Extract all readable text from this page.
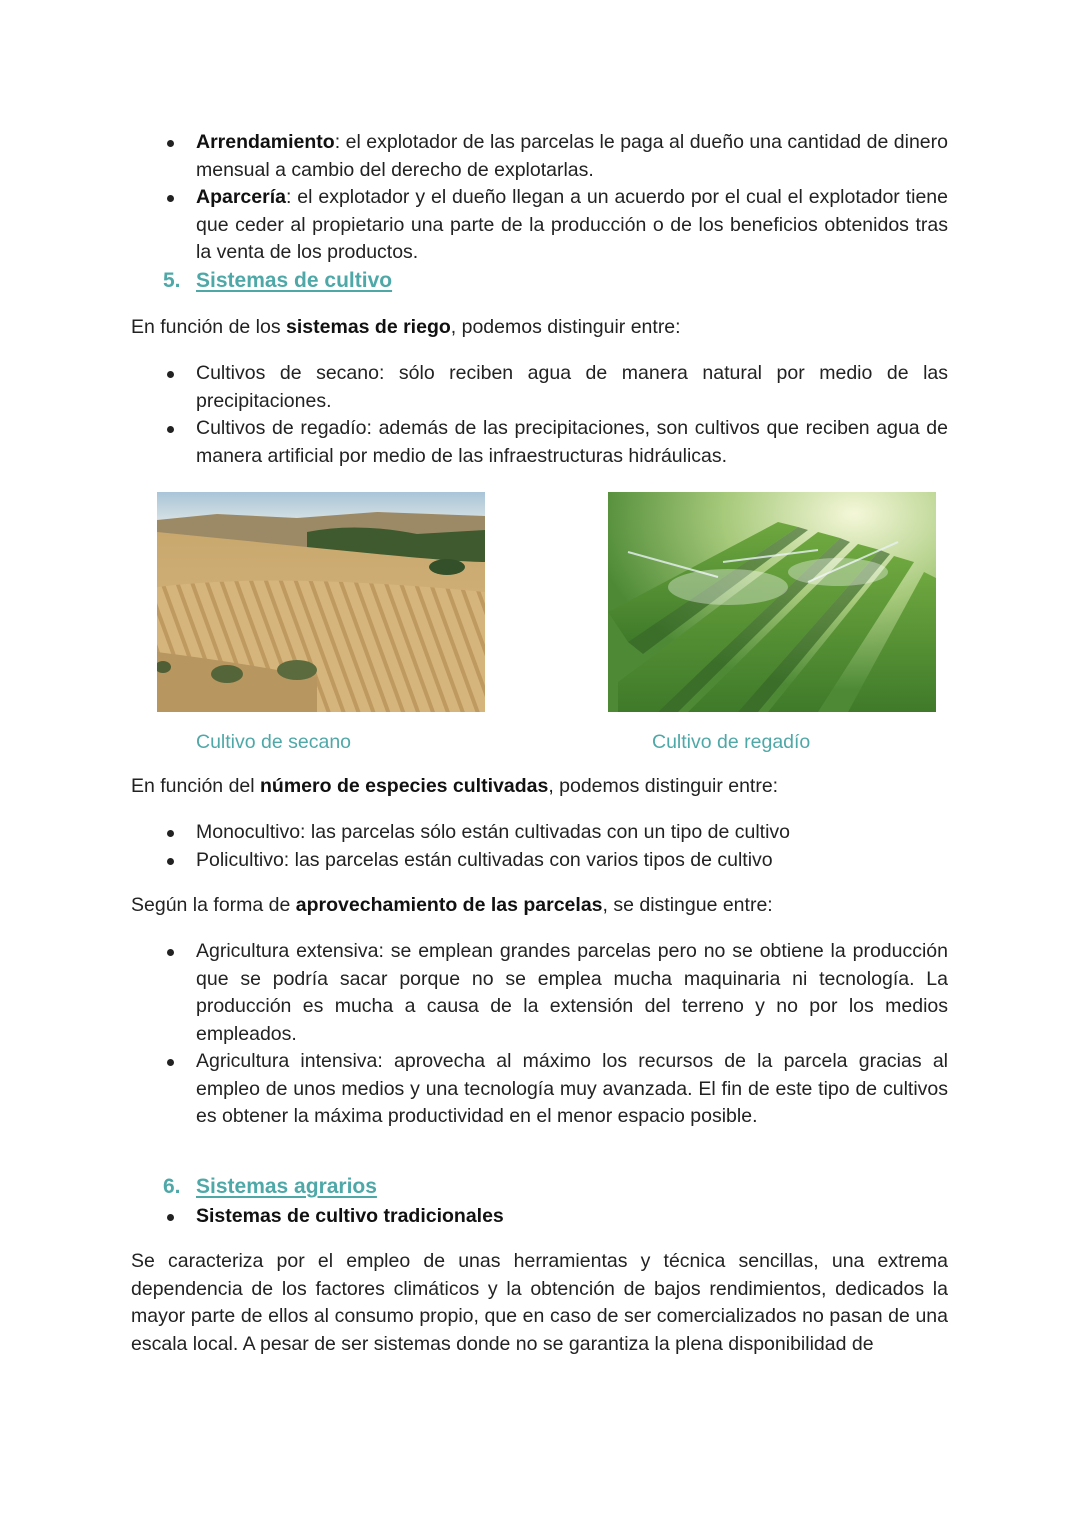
Arrendamiento: el explotador de las parcelas le paga al dueño una cantidad de dinero mensual a cambio del derecho de explotarlas.
Aparcería: el explotador y el dueño llegan a un acuerdo por el cual el explotador tiene que ceder al propietario una parte de la producción o de los beneficios obtenidos tras la venta de los productos.
5. Sistemas de cultivo
En función de los sistemas de riego, podemos distinguir entre:
Cultivos de secano: sólo reciben agua de manera natural por medio de las precipitaciones.
Cultivos de regadío: además de las precipitaciones, son cultivos que reciben agua de manera artificial por medio de las infraestructuras hidráulicas.
Cultivo de secano	Cultivo de regadío
En función del número de especies cultivadas, podemos distinguir entre:
Monocultivo: las parcelas sólo están cultivadas con un tipo de cultivo
Policultivo: las parcelas están cultivadas con varios tipos de cultivo
Según la forma de aprovechamiento de las parcelas, se distingue entre:
Agricultura extensiva: se emplean grandes parcelas pero no se obtiene la producción que se podría sacar porque no se emplea mucha maquinaria ni tecnología. La producción es mucha a causa de la extensión del terreno y no por los medios empleados.
Agricultura intensiva: aprovecha al máximo los recursos de la parcela gracias al empleo de unos medios y una tecnología muy avanzada. El fin de este tipo de cultivos es obtener la máxima productividad en el menor espacio posible.
6. Sistemas agrarios
Sistemas de cultivo tradicionales
Se caracteriza por el empleo de unas herramientas y técnica sencillas, una extrema dependencia de los factores climáticos y la obtención de bajos rendimientos, dedicados la mayor parte de ellos al consumo propio, que en caso de ser comercializados no pasan de una escala local. A pesar de ser sistemas donde no se garantiza la plena disponibilidad de
